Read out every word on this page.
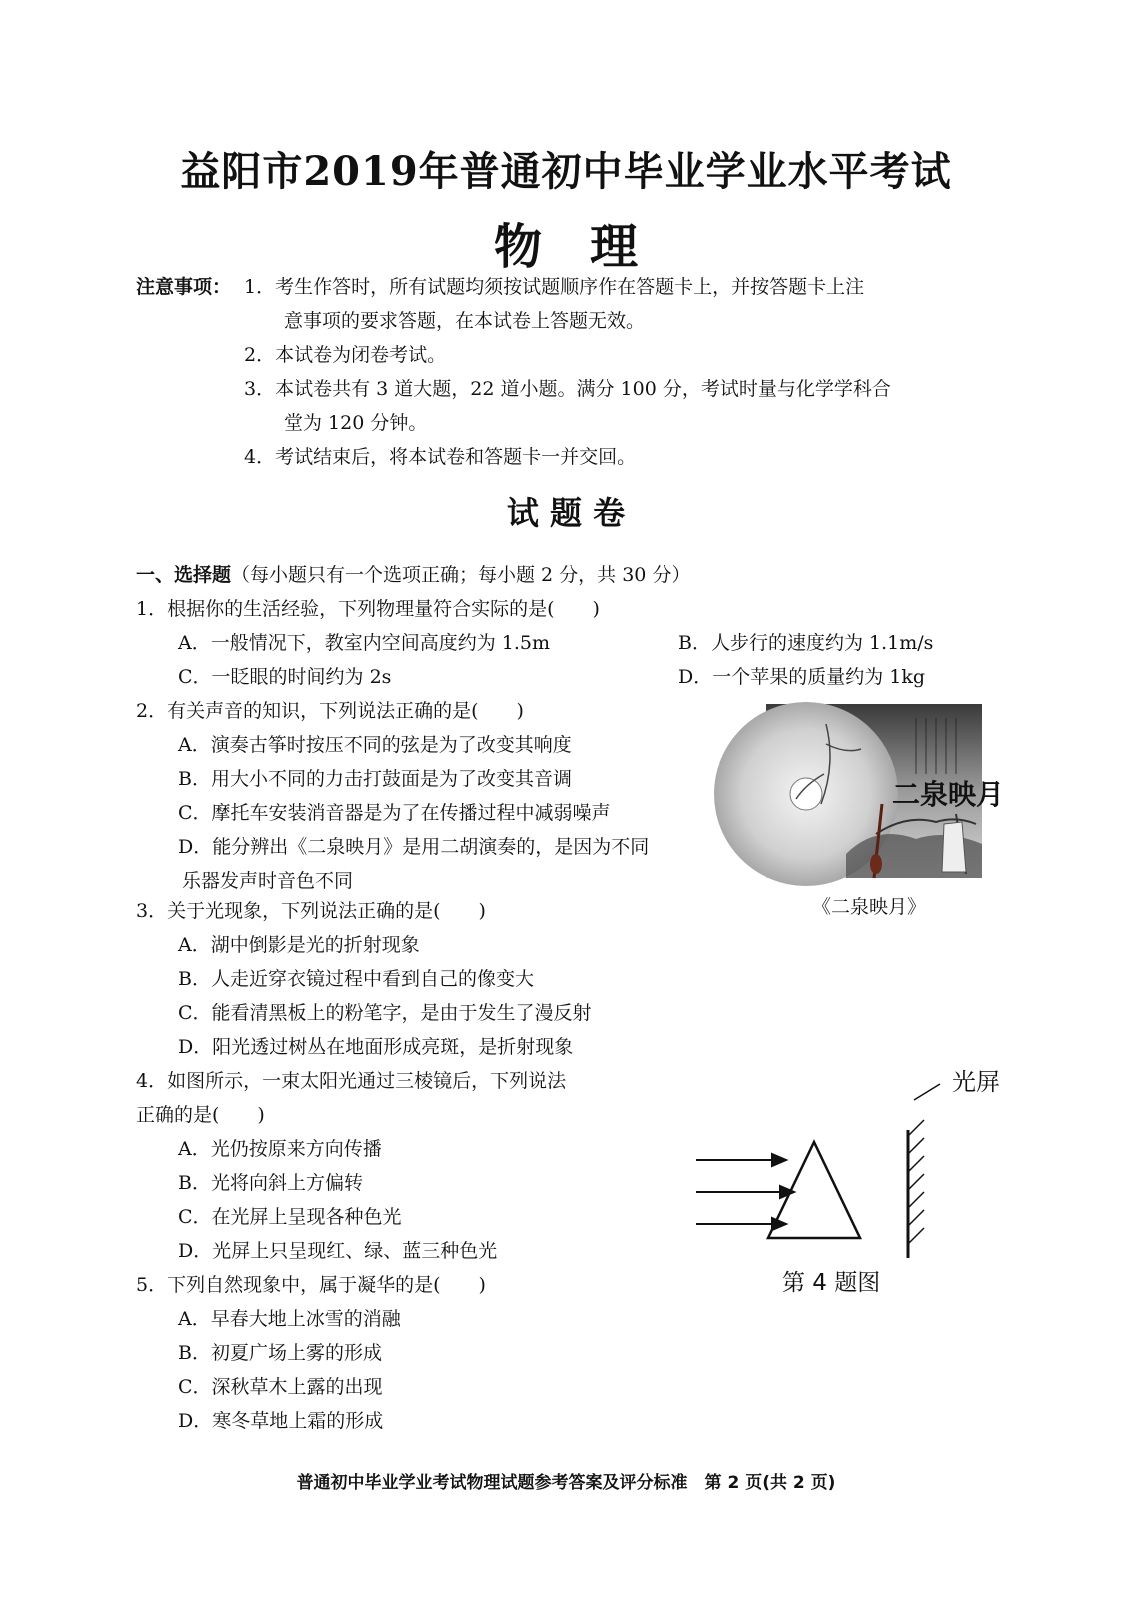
益阳市2019年普通初中毕业学业水平考试
物　理
注意事项： 1．考生作答时，所有试题均须按试题顺序作在答题卡上，并按答题卡上注
意事项的要求答题，在本试卷上答题无效。
2．本试卷为闭卷考试。
3．本试卷共有 3 道大题，22 道小题。满分 100 分，考试时量与化学学科合
堂为 120 分钟。
4．考试结束后，将本试卷和答题卡一并交回。
试 题 卷
一、选择题（每小题只有一个选项正确；每小题 2 分，共 30 分）
1．根据你的生活经验，下列物理量符合实际的是(　　)
A．一般情况下，教室内空间高度约为 1.5m	B．人步行的速度约为 1.1m/s
C．一眨眼的时间约为 2s	D．一个苹果的质量约为 1kg
2．有关声音的知识，下列说法正确的是(　　)
A．演奏古筝时按压不同的弦是为了改变其响度
B．用大小不同的力击打鼓面是为了改变其音调
C．摩托车安装消音器是为了在传播过程中减弱噪声
D．能分辨出《二泉映月》是用二胡演奏的，是因为不同
乐器发声时音色不同
二泉映月
《二泉映月》
3．关于光现象，下列说法正确的是(　　)
A．湖中倒影是光的折射现象
B．人走近穿衣镜过程中看到自己的像变大
C．能看清黑板上的粉笔字，是由于发生了漫反射
D．阳光透过树丛在地面形成亮斑，是折射现象
4．如图所示，一束太阳光通过三棱镜后，下列说法
正确的是(　　)
A．光仍按原来方向传播
B．光将向斜上方偏转
C．在光屏上呈现各种色光
D．光屏上只呈现红、绿、蓝三种色光
光屏
第 4 题图
5．下列自然现象中，属于凝华的是(　　)
A．早春大地上冰雪的消融
B．初夏广场上雾的形成
C．深秋草木上露的出现
D．寒冬草地上霜的形成
普通初中毕业学业考试物理试题参考答案及评分标准　第 2 页(共 2 页)
